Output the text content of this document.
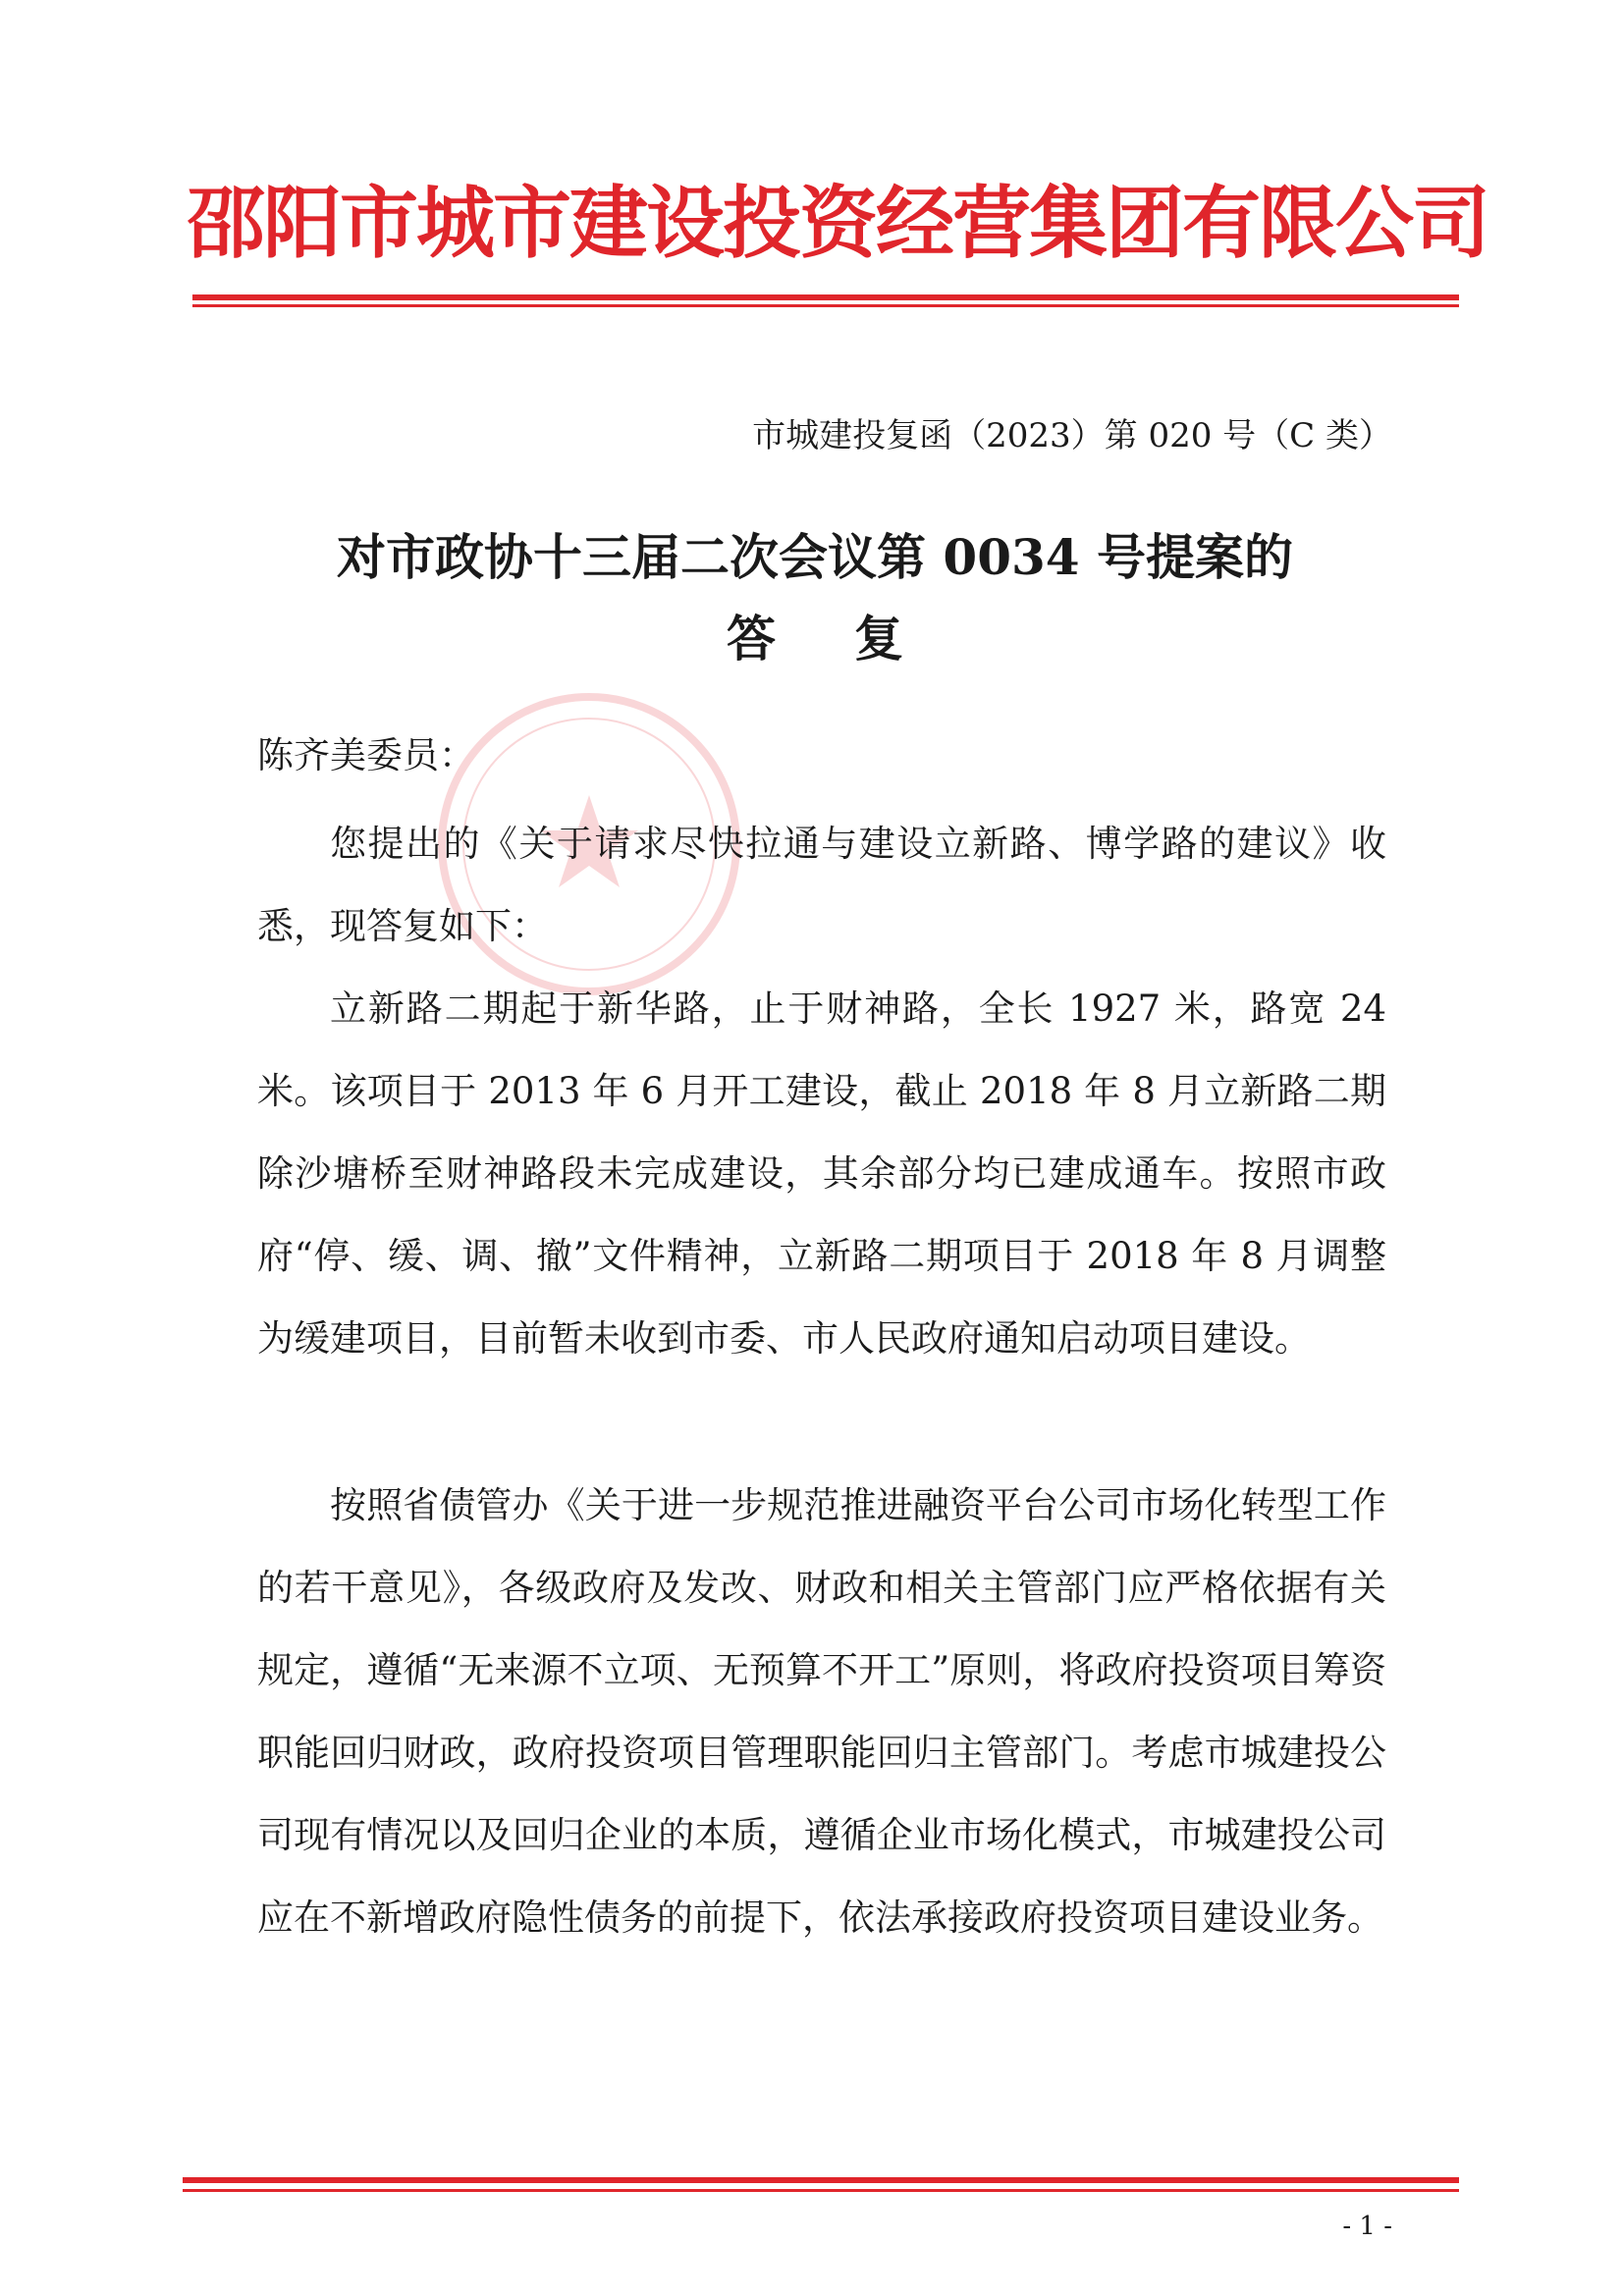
邵阳市城市建设投资经营集团有限公司
市城建投复函（2023）第 020 号（C 类）
对市政协十三届二次会议第 0034 号提案的
答复
陈齐美委员：
您提出的《关于请求尽快拉通与建设立新路、博学路的建议》收悉，现答复如下：
立新路二期起于新华路，止于财神路，全长 1927 米，路宽 24 米。该项目于 2013 年 6 月开工建设，截止 2018 年 8 月立新路二期除沙塘桥至财神路段未完成建设，其余部分均已建成通车。按照市政府“停、缓、调、撤”文件精神，立新路二期项目于 2018 年 8 月调整为缓建项目，目前暂未收到市委、市人民政府通知启动项目建设。
按照省债管办《关于进一步规范推进融资平台公司市场化转型工作的若干意见》，各级政府及发改、财政和相关主管部门应严格依据有关规定，遵循“无来源不立项、无预算不开工”原则，将政府投资项目筹资职能回归财政，政府投资项目管理职能回归主管部门。考虑市城建投公司现有情况以及回归企业的本质，遵循企业市场化模式，市城建投公司应在不新增政府隐性债务的前提下，依法承接政府投资项目建设业务。
- 1 -
